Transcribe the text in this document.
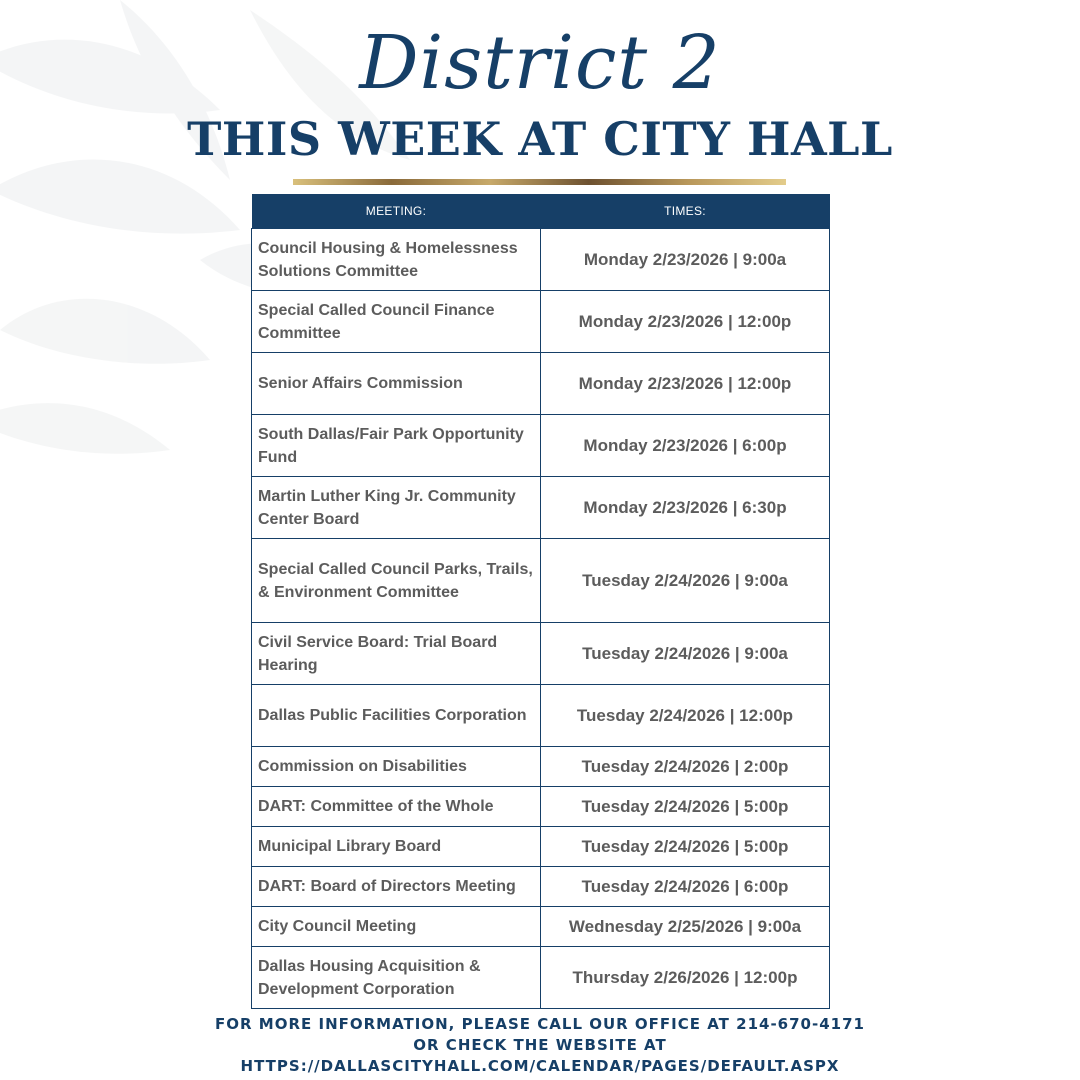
District 2
THIS WEEK AT CITY HALL
MEETING:	TIMES:
Council Housing & Homelessness Solutions Committee	Monday 2/23/2026 | 9:00a
Special Called Council Finance Committee	Monday 2/23/2026 | 12:00p
Senior Affairs Commission	Monday 2/23/2026 | 12:00p
South Dallas/Fair Park Opportunity Fund	Monday 2/23/2026 | 6:00p
Martin Luther King Jr. Community Center Board	Monday 2/23/2026 | 6:30p
Special Called Council Parks, Trails, & Environment Committee	Tuesday 2/24/2026 | 9:00a
Civil Service Board: Trial Board Hearing	Tuesday 2/24/2026 | 9:00a
Dallas Public Facilities Corporation	Tuesday 2/24/2026 | 12:00p
Commission on Disabilities	Tuesday 2/24/2026 | 2:00p
DART: Committee of the Whole	Tuesday 2/24/2026 | 5:00p
Municipal Library Board	Tuesday 2/24/2026 | 5:00p
DART: Board of Directors Meeting	Tuesday 2/24/2026 | 6:00p
City Council Meeting	Wednesday 2/25/2026 | 9:00a
Dallas Housing Acquisition & Development Corporation	Thursday 2/26/2026 | 12:00p
FOR MORE INFORMATION, PLEASE CALL OUR OFFICE AT 214-670-4171
OR CHECK THE WEBSITE AT
HTTPS://DALLASCITYHALL.COM/CALENDAR/PAGES/DEFAULT.ASPX
